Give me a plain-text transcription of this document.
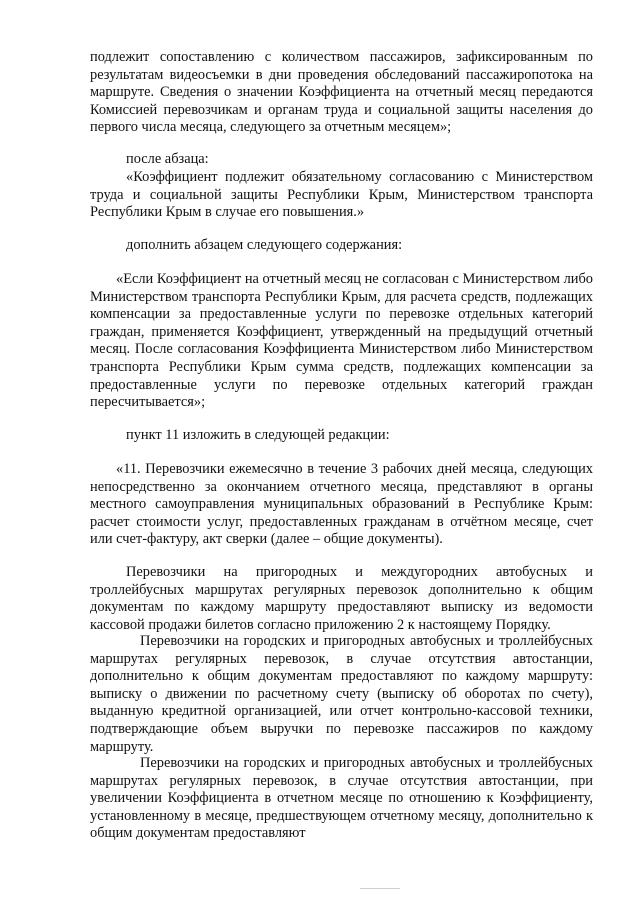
подлежит сопоставлению с количеством пассажиров, зафиксированным по результатам видеосъемки в дни проведения обследований пассажиропотока на маршруте. Сведения о значении Коэффициента на отчетный месяц передаются Комиссией перевозчикам и органам труда и социальной защиты населения до первого числа месяца, следующего за отчетным месяцем»;

после абзаца:

«Коэффициент подлежит обязательному согласованию с Министерством труда и социальной защиты Республики Крым, Министерством транспорта Республики Крым в случае его повышения.»

дополнить абзацем следующего содержания:

«Если Коэффициент на отчетный месяц не согласован с Министерством либо Министерством транспорта Республики Крым, для расчета средств, подлежащих компенсации за предоставленные услуги по перевозке отдельных категорий граждан, применяется Коэффициент, утвержденный на предыдущий отчетный месяц. После согласования Коэффициента Министерством либо Министерством транспорта Республики Крым сумма средств, подлежащих компенсации за предоставленные услуги по перевозке отдельных категорий граждан пересчитывается»;

пункт 11 изложить в следующей редакции:

«11. Перевозчики ежемесячно в течение 3 рабочих дней месяца, следующих непосредственно за окончанием отчетного месяца, представляют в органы местного самоуправления муниципальных образований в Республике Крым: расчет стоимости услуг, предоставленных гражданам в отчётном месяце, счет или счет-фактуру, акт сверки (далее – общие документы).

Перевозчики на пригородных и междугородних автобусных и троллейбусных маршрутах регулярных перевозок дополнительно к общим документам по каждому маршруту предоставляют выписку из ведомости кассовой продажи билетов согласно приложению 2 к настоящему Порядку.

Перевозчики на городских и пригородных автобусных и троллейбусных маршрутах регулярных перевозок, в случае отсутствия автостанции, дополнительно к общим документам предоставляют по каждому маршруту: выписку о движении по расчетному счету (выписку об оборотах по счету), выданную кредитной организацией, или отчет контрольно-кассовой техники, подтверждающие объем выручки по перевозке пассажиров по каждому маршруту.

Перевозчики на городских и пригородных автобусных и троллейбусных маршрутах регулярных перевозок, в случае отсутствия автостанции, при увеличении Коэффициента в отчетном месяце по отношению к Коэффициенту, установленному в месяце, предшествующем отчетному месяцу, дополнительно к общим документам предоставляют
